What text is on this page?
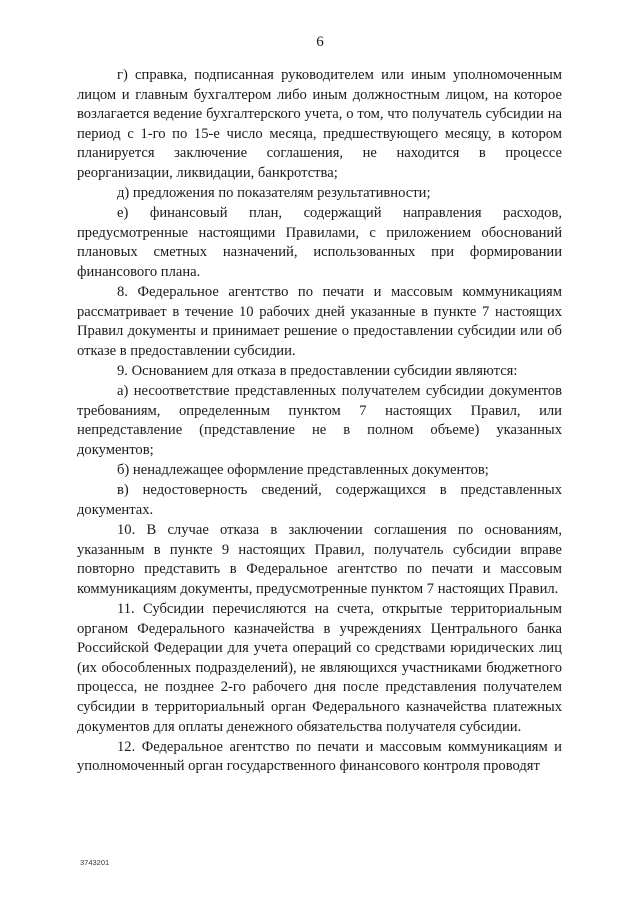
6

г) справка, подписанная руководителем или иным уполномоченным лицом и главным бухгалтером либо иным должностным лицом, на которое возлагается ведение бухгалтерского учета, о том, что получатель субсидии на период с 1-го по 15-е число месяца, предшествующего месяцу, в котором планируется заключение соглашения, не находится в процессе реорганизации, ликвидации, банкротства;

д) предложения по показателям результативности;

е) финансовый план, содержащий направления расходов, предусмотренные настоящими Правилами, с приложением обоснований плановых сметных назначений, использованных при формировании финансового плана.

8. Федеральное агентство по печати и массовым коммуникациям рассматривает в течение 10 рабочих дней указанные в пункте 7 настоящих Правил документы и принимает решение о предоставлении субсидии или об отказе в предоставлении субсидии.

9. Основанием для отказа в предоставлении субсидии являются:

а) несоответствие представленных получателем субсидии документов требованиям, определенным пунктом 7 настоящих Правил, или непредставление (представление не в полном объеме) указанных документов;

б) ненадлежащее оформление представленных документов;

в) недостоверность сведений, содержащихся в представленных документах.

10. В случае отказа в заключении соглашения по основаниям, указанным в пункте 9 настоящих Правил, получатель субсидии вправе повторно представить в Федеральное агентство по печати и массовым коммуникациям документы, предусмотренные пунктом 7 настоящих Правил.

11. Субсидии перечисляются на счета, открытые территориальным органом Федерального казначейства в учреждениях Центрального банка Российской Федерации для учета операций со средствами юридических лиц (их обособленных подразделений), не являющихся участниками бюджетного процесса, не позднее 2-го рабочего дня после представления получателем субсидии в территориальный орган Федерального казначейства платежных документов для оплаты денежного обязательства получателя субсидии.

12. Федеральное агентство по печати и массовым коммуникациям и уполномоченный орган государственного финансового контроля проводят

3743201
